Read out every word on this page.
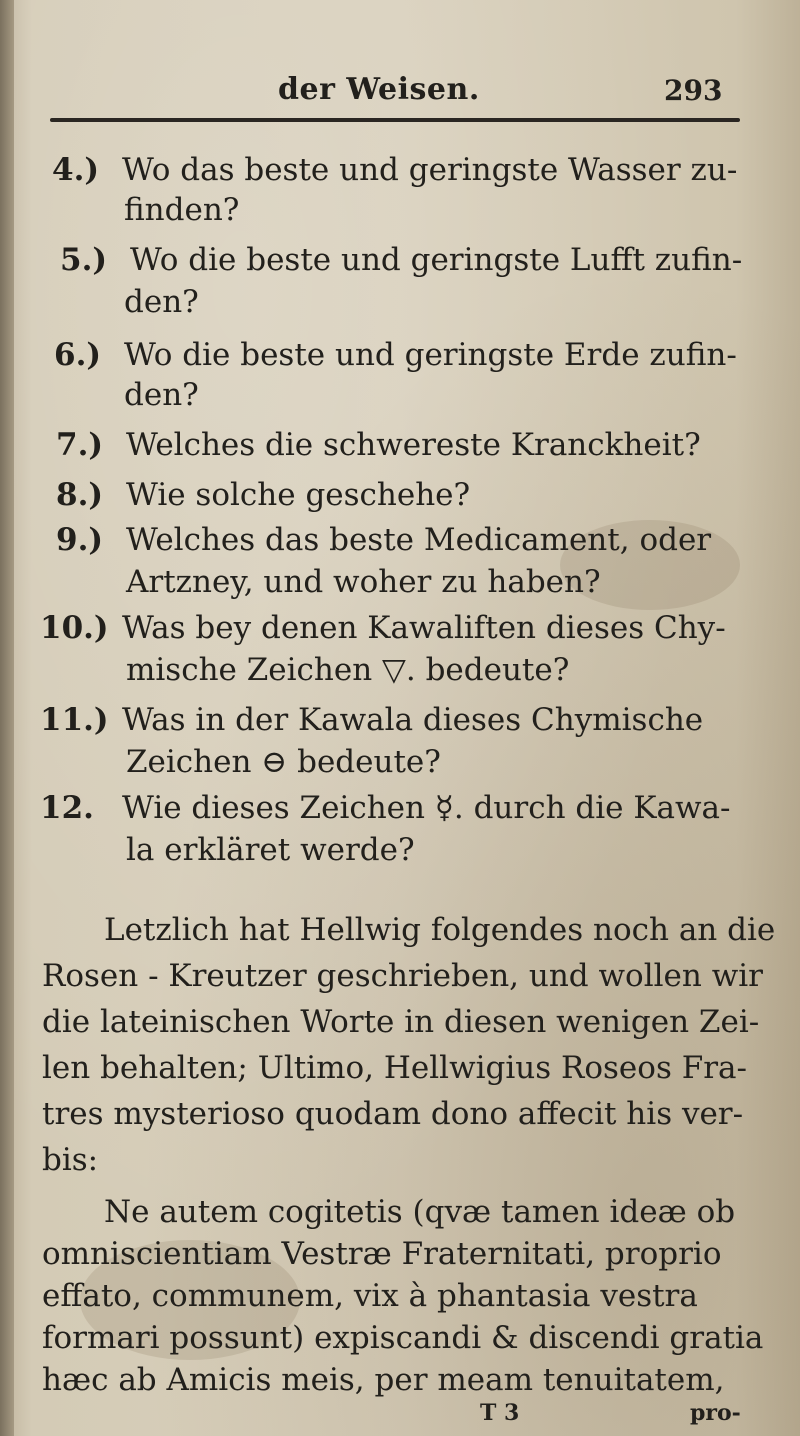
der Weisen.	293
4.) Wo das beste und geringste Wasser zu-
finden?
5.) Wo die beste und geringste Lufft zufin-
den?
6.) Wo die beste und geringste Erde zufin-
den?
7.) Welches die schwereste Kranckheit?
8.) Wie solche geschehe?
9.) Welches das beste Medicament, oder
Artzney, und woher zu haben?
10.) Was bey denen Kawaliften dieses Chy-
mische Zeichen ▽. bedeute?
11.) Was in der Kawala dieses Chymische
Zeichen ⊖ bedeute?
12. Wie dieses Zeichen ☿. durch die Kawa-
la erkläret werde?
Letzlich hat Hellwig folgendes noch an die
Rosen - Kreutzer geschrieben, und wollen wir
die lateinischen Worte in diesen wenigen Zei-
len behalten; Ultimo, Hellwigius Roseos Fra-
tres mysterioso quodam dono affecit his ver-
bis:
Ne autem cogitetis (qvæ tamen ideæ ob
omniscientiam Vestræ Fraternitati, proprio
effato, communem, vix à phantasia vestra
formari possunt) expiscandi & discendi gratia
hæc ab Amicis meis, per meam tenuitatem,
T 3	pro-
